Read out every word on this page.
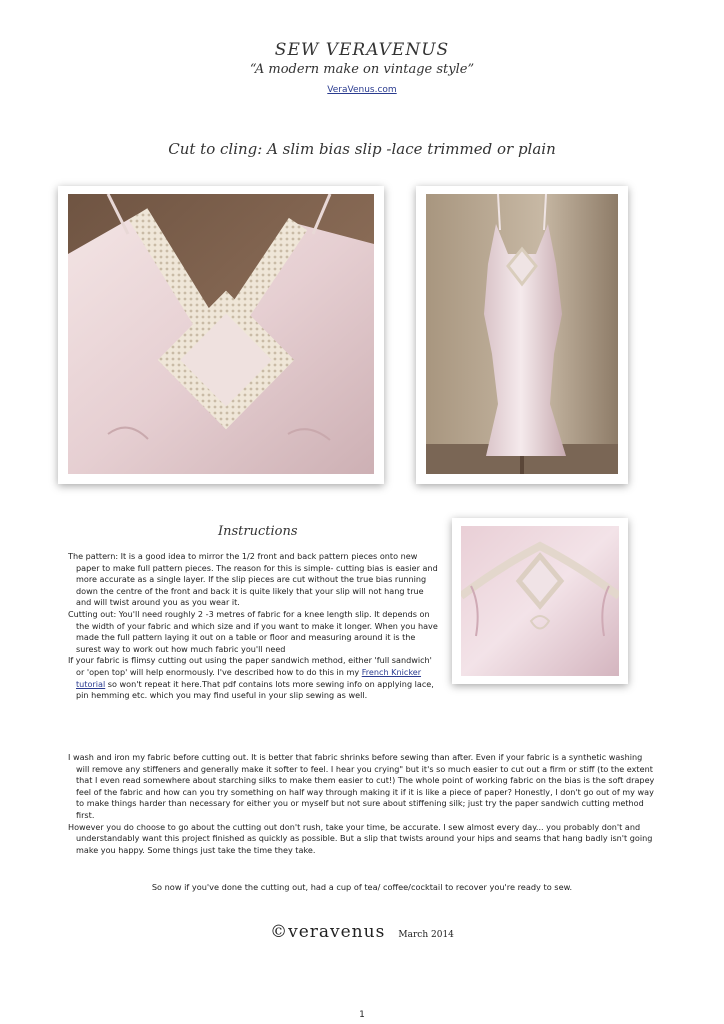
SEW VERAVENUS
“A modern make on vintage style”
VeraVenus.com
Cut to cling: A slim bias slip -lace trimmed or plain
Instructions

The pattern: It is a good idea to mirror the 1/2 front and back pattern pieces onto new paper to make full pattern pieces. The reason for this is simple- cutting bias is easier and more accurate as a single layer. If the slip pieces are cut without the true bias running down the centre of the front and back it is quite likely that your slip will not hang true and will twist around you as you wear it.

Cutting out: You'll need roughly 2 -3 metres of fabric for a knee length slip. It depends on the width of your fabric and which size and if you want to make it longer. When you have made the full pattern laying it out on a table or floor and measuring around it is the surest way to work out how much fabric you'll need

If your fabric is flimsy cutting out using the paper sandwich method, either 'full sandwich' or 'open top' will help enormously. I've described how to do this in my French Knicker tutorial so won't repeat it here.That pdf contains lots more sewing info on applying lace, pin hemming etc. which you may find useful in your slip sewing as well.

I wash and iron my fabric before cutting out. It is better that fabric shrinks before sewing than after. Even if your fabric is a synthetic washing will remove any stiffeners and generally make it softer to feel. I hear you crying" but it's so much easier to cut out a firm or stiff (to the extent that I even read somewhere about starching silks to make them easier to cut!) The whole point of working fabric on the bias is the soft drapey feel of the fabric and how can you try something on half way through making it if it is like a piece of paper? Honestly, I don't go out of my way to make things harder than necessary for either you or myself but not sure about stiffening silk; just try the paper sandwich cutting method first.

However you do choose to go about the cutting out don't rush, take your time, be accurate. I sew almost every day... you probably don't and understandably want this project finished as quickly as possible. But a slip that twists around your hips and seams that hang badly isn't going make you happy. Some things just take the time they take.

So now if you've done the cutting out, had a cup of tea/ coffee/cocktail to recover you're ready to sew.
©veravenus March 2014
1
